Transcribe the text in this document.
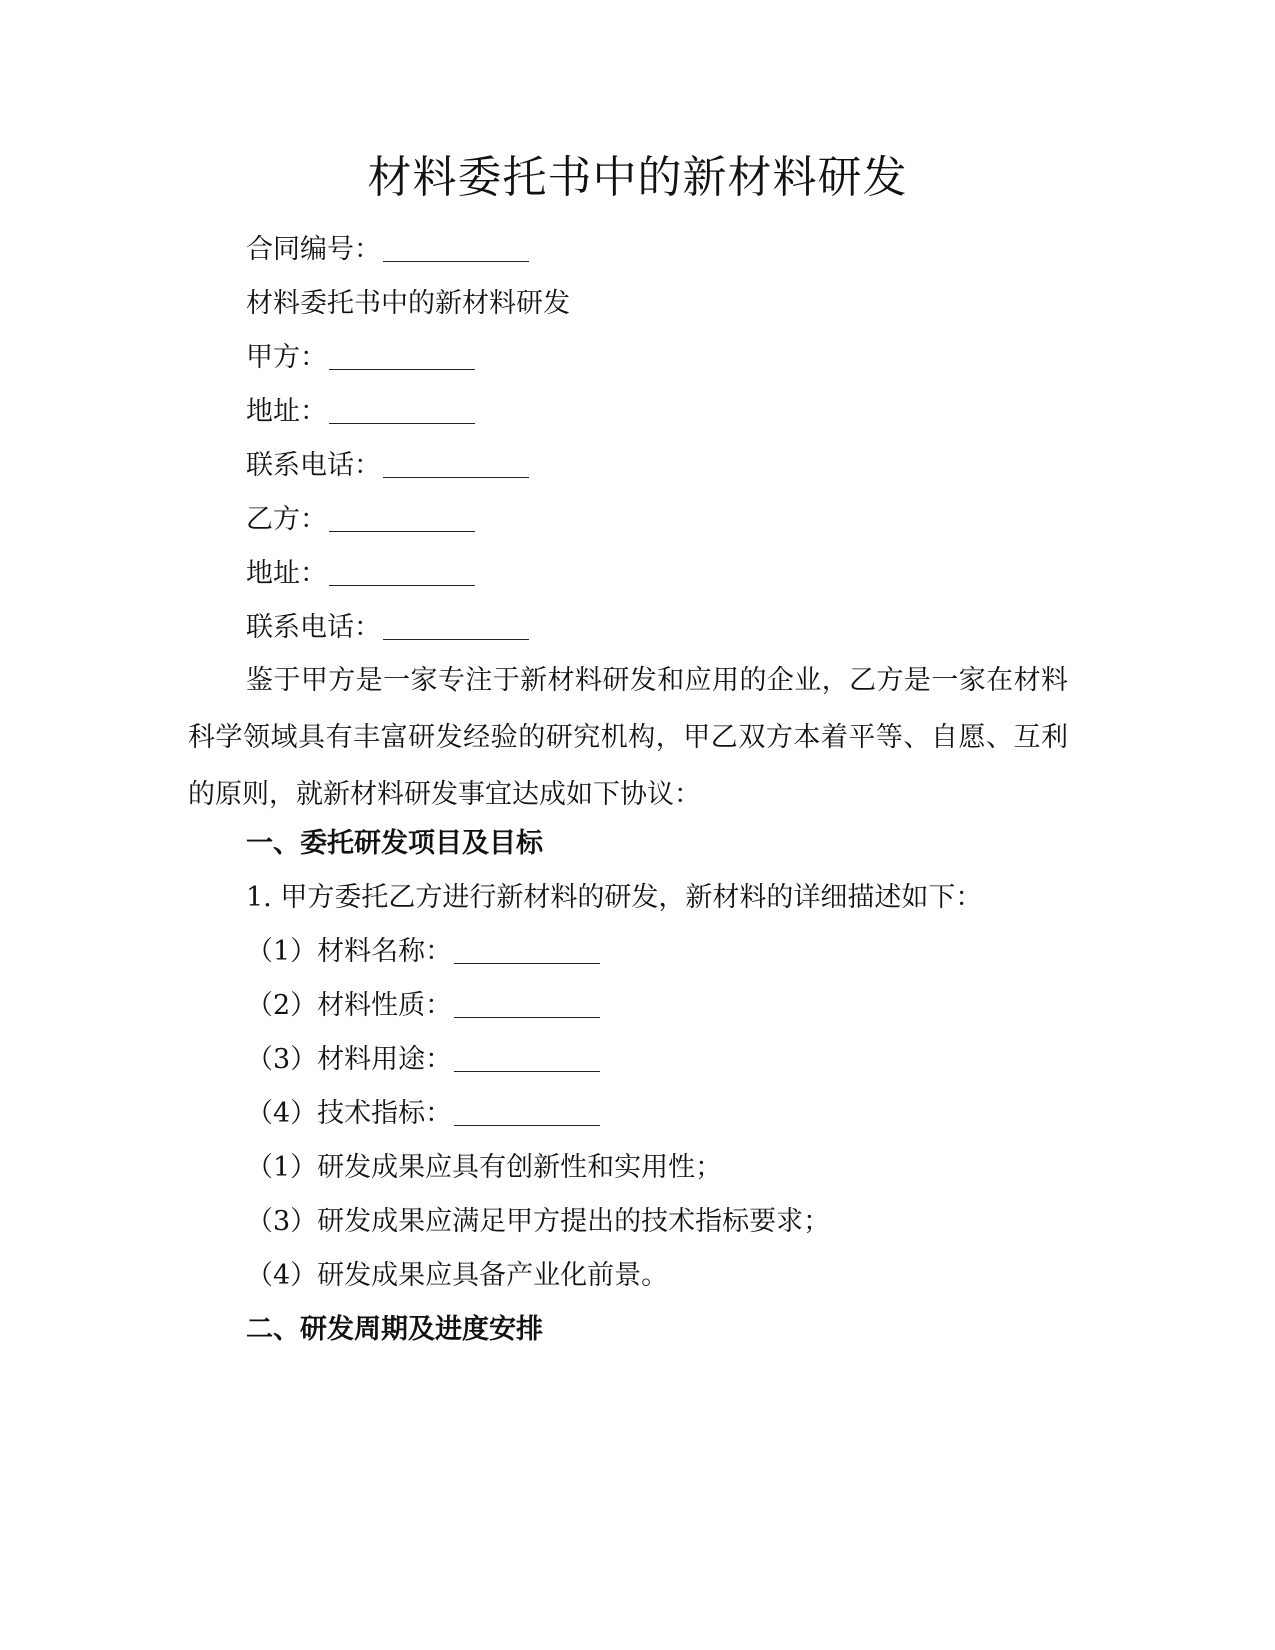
材料委托书中的新材料研发
合同编号：
材料委托书中的新材料研发
甲方：
地址：
联系电话：
乙方：
地址：
联系电话：
鉴于甲方是一家专注于新材料研发和应用的企业，乙方是一家在材料科学领域具有丰富研发经验的研究机构，甲乙双方本着平等、自愿、互利的原则，就新材料研发事宜达成如下协议：
一、委托研发项目及目标
1. 甲方委托乙方进行新材料的研发，新材料的详细描述如下：
（1）材料名称：
（2）材料性质：
（3）材料用途：
（4）技术指标：
（1）研发成果应具有创新性和实用性；
（3）研发成果应满足甲方提出的技术指标要求；
（4）研发成果应具备产业化前景。
二、研发周期及进度安排
